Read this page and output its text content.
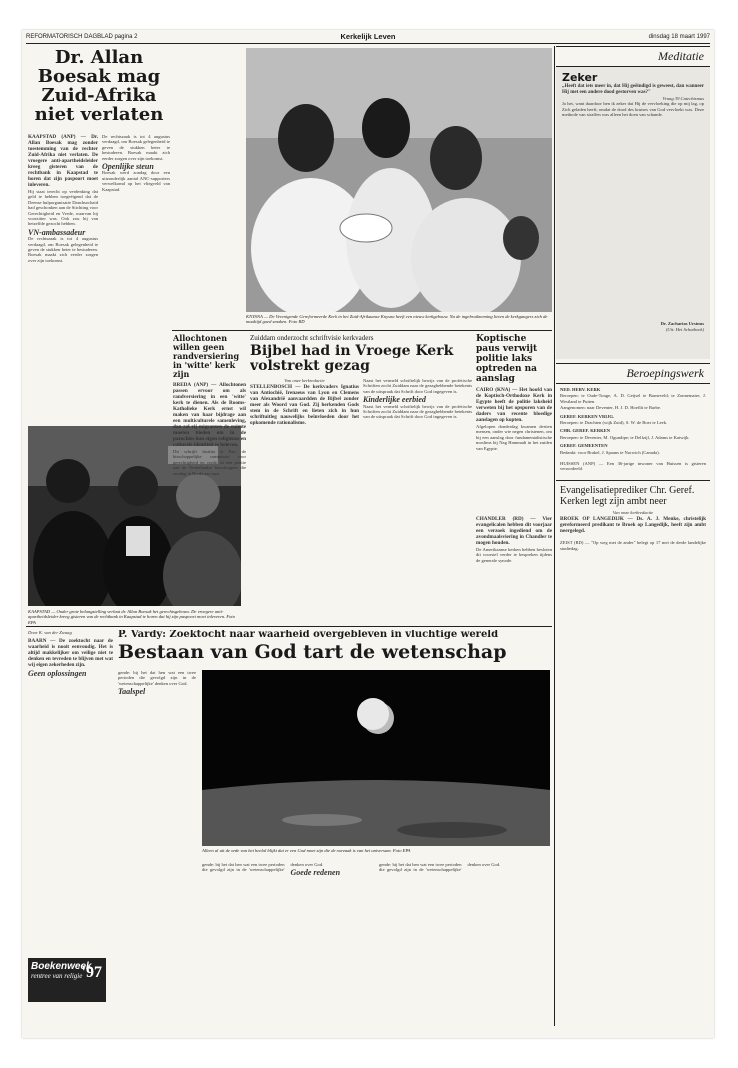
REFORMATORISCH DAGBLAD pagina 2	Kerkelijk Leven	dinsdag 18 maart 1997
Dr. Allan Boesak mag Zuid-Afrika niet verlaten

KAAPSTAD (ANP) — Dr. Allan Boesak mag zonder toestemming van de rechter Zuid-Afrika niet verlaten. De vroegere anti-apartheidsleider kreeg gisteren van de rechtbank in Kaapstad te horen dat zijn paspoort moet inleveren.

Hij staat terecht op verdenking dat geld te hebben toegeëigend dat de Deense hulporganisatie Danchurchaid had geschonken aan de Stichting voor Gerechtigheid en Vrede, waarvan hij voorzitter was. Ook zou hij van hetzelfde gezocht hebben.

VN-ambassadeur

De rechtszaak is tot 4 augustus verdaagd, om Boesak gelegenheid te geven de stukken beter te bestuderen. Boesak maakt zich eerder zorgen over zijn toekomst.

De rechtszaak is tot 4 augustus verdaagd, om Boesak gelegenheid te geven de stukken beter te bestuderen. Boesak maakt zich eerder zorgen over zijn toekomst.

Openlijke steun

Boesak werd zondag door een uitzonderlijk aantal ANC-supporters verwelkomd op het vliegveld van Kaapstad.

KAAPSTAD — Onder grote belangstelling verlaat dr. Allan Boesak het gerechtsgebouw. De vroegere anti-apartheidsleider kreeg gisteren van de rechtbank in Kaapstad te horen dat hij zijn paspoort moet inleveren. Foto EPA
KNYSNA — De Verenigende Gereformeerde Kerk in het Zuid-Afrikaanse Knysna heeft een nieuw kerkgebouw. Na de ingebruikneming lieten de kerkgangers zich de maaltijd goed smaken. Foto RD
Allochtonen willen geen randversiering in 'witte' kerk zijn

BREDA (ANP) — Allochtonen passen ervoor om als randversiering in een 'witte' kerk te dienen. Als de Rooms-Katholieke Kerk ernst wil maken van haar bijdrage aan een multiculturele samenleving, dan zal zij migranten de ruimte moeten bieden om in de parochies hun eigen religieuze en culturele identiteit te beleven.

Dit schrijft Justitia et Pax, de bisschoppelijke commissie voor gerechtigheid en vrede, in een petitie aan de Nederlandse bisschoppen die zondag in Breda aan rapt.

Zuiddam onderzocht schriftvisie kerkvaders
Bijbel had in Vroege Kerk volstrekt gezag

Van onze kerkredactie

STELLENBOSCH — De kerkvaders Ignatius van Antiochië, Irenaeus van Lyon en Clemens van Alexandrië aanvaardden de Bijbel zonder meer als Woord van God. Zij herkenden Gods stem in de Schrift en lieten zich in hun schriftuitleg nauwelijks beïnvloeden door het opkomende rationalisme.

Naast het vermeld schriftelijk bewijs van de profetische Schriften zocht Zuiddam naar de gezaghebbende betekenis van de uitspraak dat Schrift door God ingegeven is.

Kinderlijke eerbied

Naast het vermeld schriftelijk bewijs van de profetische Schriften zocht Zuiddam naar de gezaghebbende betekenis van de uitspraak dat Schrift door God ingegeven is.

Koptische paus verwijt politie laks optreden na aanslag

CAIRO (KNA) — Het hoofd van de Koptisch-Orthodoxe Kerk in Egypte heeft de politie laksheid verweten bij het opsporen van de daders van recente bloedige aanslagen op kopten.

Afgelopen donderdag kwamen dertien mensen, onder wie negen christenen, om bij een aanslag door fundamentalistische moslims bij Nag Hammadi in het zuiden van Egypte.

CHANDLER (RD) — Vier evangelicalen hebben dit voorjaar een verzoek ingediend om de avondmaalsviering in Chandler te mogen houden.

De Amerikaanse kerken hebben besloten dit voorstel verder te bespreken tijdens de generale synode.

Door K. van der Zwaag

BAARN — De zoektocht naar de waarheid is nooit eenvoudig. Het is altijd makkelijker om veilige niet te denken en tevreden te blijven met wat wij eigen zekerheden zijn.

Geen oplossingen

P. Vardy: Zoektocht naar waarheid overgebleven in vluchtige wereld
Bestaan van God tart de wetenschap

gende: bij het dat hen wat een twee perioden die gevolgd zijn in de 'wetenschappelijke' denken over God.

Taalspel

Alleen al uit de orde van het heelal blijkt dat er een God moet zijn die de oorzaak is van het universum. Foto EPA

gende: bij het dat hen wat een twee perioden die gevolgd zijn in de 'wetenschappelijke' denken over God.

Goede redenen

gende: bij het dat hen wat een twee perioden die gevolgd zijn in de 'wetenschappelijke' denken over God.

Boekenweek
rentree van religie '97
Meditatie
Zeker
„Heeft dat iets meer in, dat Hij geëindigd is geweest, dan wanneer Hij met een andere dood gestorven was?"
Vraag 39 Catechismus
Ja het, want daardoor ben ik zeker dat Hij de vervloeking die op mij lag, op Zich geladen heeft; omdat de dood des kruises van God vervloekt was. Deze methode van straffen was alleen het doen van schande.
Dr. Zacharias Ursinus
(Uit: Het Schatboek)
Beroepingswerk

NED. HERV. KERK

Beroepen: te Oude-Tonge, A. D. Geijsel te Barneveld; te Zonnemaire, J. Westland te Putten.

Aangenomen: naar Deventer, H. J. D. Hoeflit te Barbe.

GEREF. KERKEN VRIJG.

Beroepen: te Drachten (wijk Zuid), S. W. de Boer te Leek.

CHR. GEREF. KERKEN

Beroepen: te Deventer, M. Ogundipe; te Delfzijl, J. Adams te Katwijk.

GEREF. GEMEENTEN

Bedankt: voor Brakel, J. Spaans te Norwich (Canada).

HUISSEN (ANP) — Een 36-jarige inwoner van Huissen is gisteren veroordeeld.

Evangelisatieprediker Chr. Geref. Kerken legt zijn ambt neer

Van onze kerkredactie

BROEK OP LANGEDIJK — Ds. A. J. Menke, christelijk gereformeerd predikant te Broek op Langedijk, heeft zijn ambt neergelegd.

ZEIST (RD) — "Op weg met de ander" belegt op 17 mei de derde landelijke studiedag.
